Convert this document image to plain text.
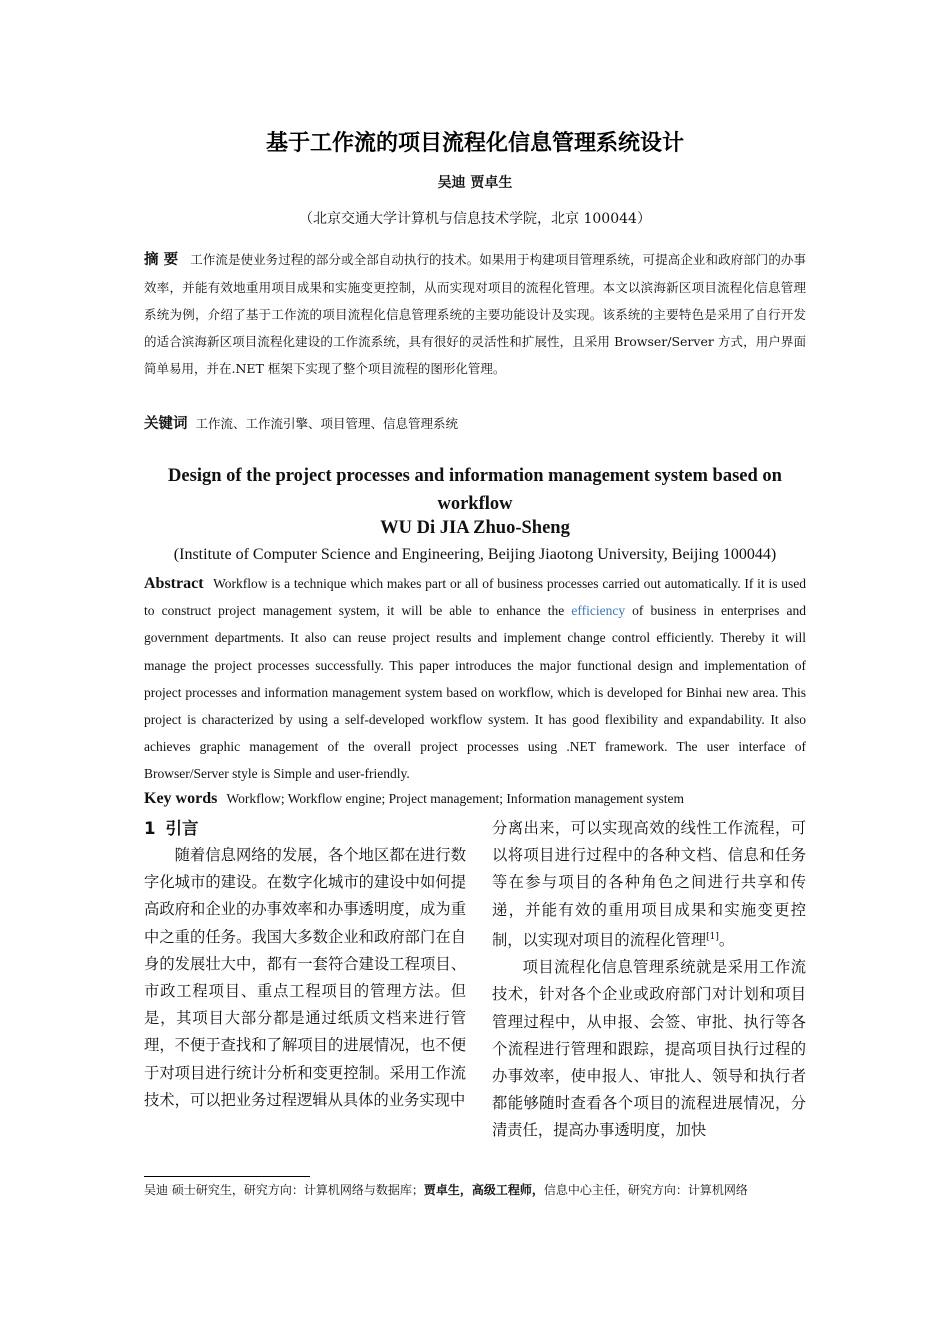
基于工作流的项目流程化信息管理系统设计
吴迪 贾卓生
（北京交通大学计算机与信息技术学院，北京 100044）
摘 要 工作流是使业务过程的部分或全部自动执行的技术。如果用于构建项目管理系统，可提高企业和政府部门的办事效率，并能有效地重用项目成果和实施变更控制，从而实现对项目的流程化管理。本文以滨海新区项目流程化信息管理系统为例，介绍了基于工作流的项目流程化信息管理系统的主要功能设计及实现。该系统的主要特色是采用了自行开发的适合滨海新区项目流程化建设的工作流系统，具有很好的灵活性和扩展性，且采用 Browser/Server 方式，用户界面简单易用，并在.NET 框架下实现了整个项目流程的图形化管理。
关键词 工作流、工作流引擎、项目管理、信息管理系统
Design of the project processes and information management system based on workflow
WU Di JIA Zhuo-Sheng
(Institute of Computer Science and Engineering, Beijing Jiaotong University, Beijing 100044)
Abstract Workflow is a technique which makes part or all of business processes carried out automatically. If it is used to construct project management system, it will be able to enhance the efficiency of business in enterprises and government departments. It also can reuse project results and implement change control efficiently. Thereby it will manage the project processes successfully. This paper introduces the major functional design and implementation of project processes and information management system based on workflow, which is developed for Binhai new area. This project is characterized by using a self-developed workflow system. It has good flexibility and expandability. It also achieves graphic management of the overall project processes using .NET framework. The user interface of Browser/Server style is Simple and user-friendly.
Key words Workflow; Workflow engine; Project management; Information management system
1 引言
随着信息网络的发展，各个地区都在进行数字化城市的建设。在数字化城市的建设中如何提高政府和企业的办事效率和办事透明度，成为重中之重的任务。我国大多数企业和政府部门在自身的发展壮大中，都有一套符合建设工程项目、市政工程项目、重点工程项目的管理方法。但是，其项目大部分都是通过纸质文档来进行管理，不便于查找和了解项目的进展情况，也不便于对项目进行统计分析和变更控制。采用工作流技术，可以把业务过程逻辑从具体的业务实现中
分离出来，可以实现高效的线性工作流程，可以将项目进行过程中的各种文档、信息和任务等在参与项目的各种角色之间进行共享和传递，并能有效的重用项目成果和实施变更控制，以实现对项目的流程化管理[1]。
项目流程化信息管理系统就是采用工作流技术，针对各个企业或政府部门对计划和项目管理过程中，从申报、会签、审批、执行等各个流程进行管理和跟踪，提高项目执行过程的办事效率，使申报人、审批人、领导和执行者都能够随时查看各个项目的流程进展情况，分清责任，提高办事透明度，加快
吴迪 硕士研究生，研究方向：计算机网络与数据库；贾卓生，高级工程师，信息中心主任，研究方向：计算机网络
